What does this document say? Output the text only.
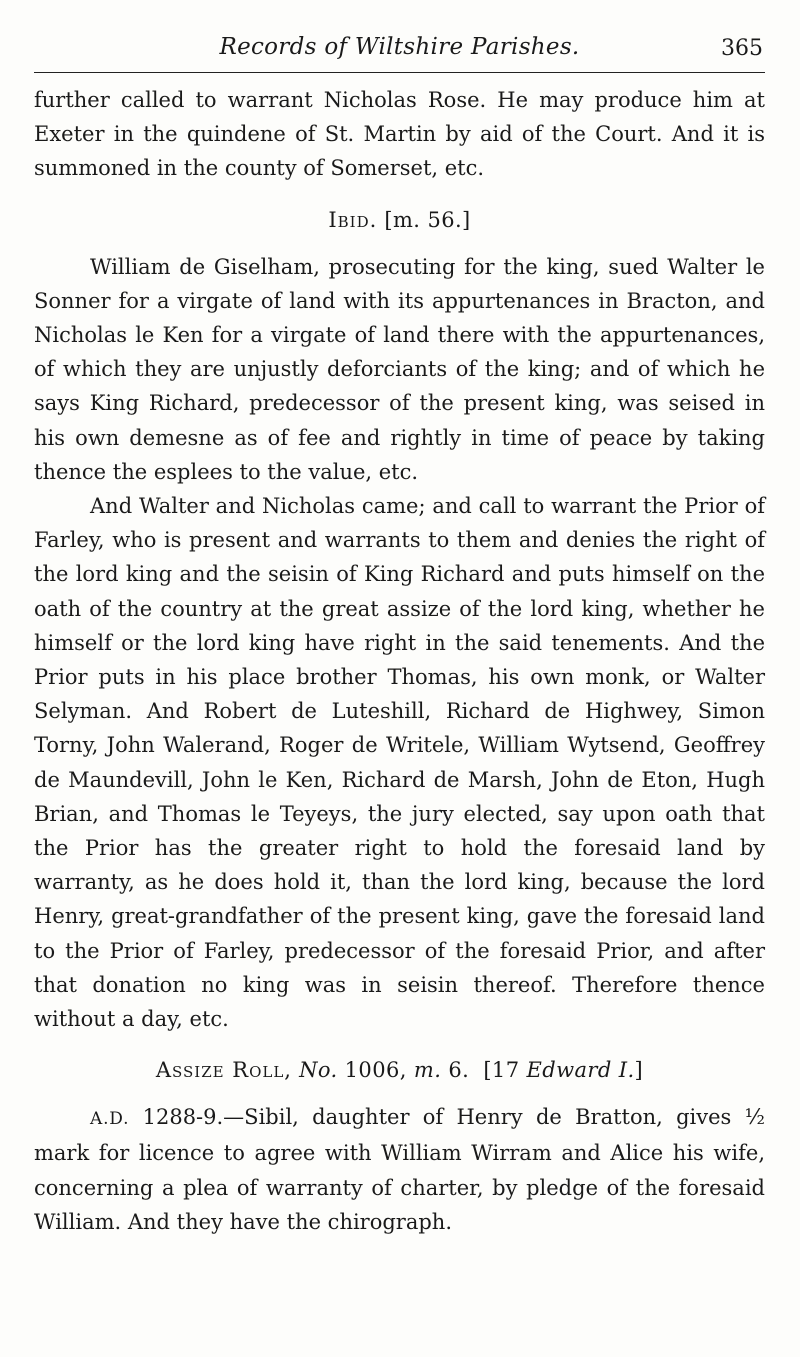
Records of Wiltshire Parishes.	365

further called to warrant Nicholas Rose. He may produce him at Exeter in the quindene of St. Martin by aid of the Court. And it is summoned in the county of Somerset, etc.

Ibid. [m. 56.]

William de Giselham, prosecuting for the king, sued Walter le Sonner for a virgate of land with its appurtenances in Bracton, and Nicholas le Ken for a virgate of land there with the appurtenances, of which they are unjustly deforciants of the king; and of which he says King Richard, predecessor of the present king, was seised in his own demesne as of fee and rightly in time of peace by taking thence the esplees to the value, etc.

And Walter and Nicholas came; and call to warrant the Prior of Farley, who is present and warrants to them and denies the right of the lord king and the seisin of King Richard and puts himself on the oath of the country at the great assize of the lord king, whether he himself or the lord king have right in the said tenements. And the Prior puts in his place brother Thomas, his own monk, or Walter Selyman. And Robert de Luteshill, Richard de Highwey, Simon Torny, John Walerand, Roger de Writele, William Wytsend, Geoffrey de Maundevill, John le Ken, Richard de Marsh, John de Eton, Hugh Brian, and Thomas le Teyeys, the jury elected, say upon oath that the Prior has the greater right to hold the foresaid land by warranty, as he does hold it, than the lord king, because the lord Henry, great-grandfather of the present king, gave the foresaid land to the Prior of Farley, predecessor of the foresaid Prior, and after that donation no king was in seisin thereof. Therefore thence without a day, etc.

Assize Roll, No. 1006, m. 6. [17 Edward I.]

A.D. 1288-9.—Sibil, daughter of Henry de Bratton, gives ½ mark for licence to agree with William Wirram and Alice his wife, concerning a plea of warranty of charter, by pledge of the foresaid William. And they have the chirograph.
